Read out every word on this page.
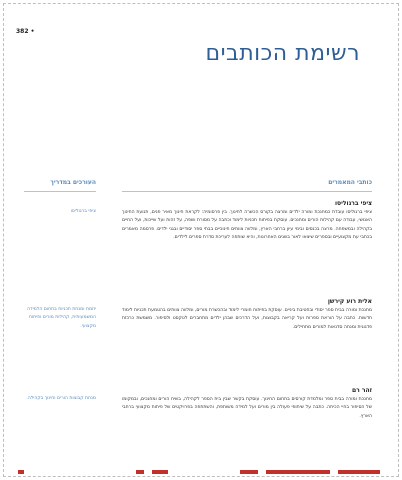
382 •
רשימת הכותבים
כותבי המאמרים
העורכים במדריך
ציפי ברגוליסו

ציפי ברגוליסו עובדת כמחנכת ומורה ילדים ומרצה בקורס הכשרה לחינוך. בין פרסומיה: לקראת חינוך מאיר פנים, תנועת החינוך האנושי, עבודה עם קהילות הורים ומחנכים. עוסקת בפיתוח תכניות לימוד וכתבה על מסורת ושפה, על זהות ועל שייכות, ועל החיים בקהילה ובמשפחה. מרצה בכנסים ובימי עיון ברחבי הארץ, ומלווה צוותים חינוכיים בבתי ספר יסודיים ובגני ילדים. פרסמה מאמרים בכתבי עת מקצועיים ובספרים שיצאו לאור בשנים האחרונות, והיא שותפה לעריכת סדרת ספרים לילדים.

ציפי ברגוליסו

אלית רוע קירשן

מחנכת ומורה בבית ספר יסודי ובחטיבת ביניים. עוסקת בפיתוח חומרי לימוד ובהכשרת מורים, ומלווה צוותים בהטמעת תכניות לימוד חדשות. כתבה על הוראת ספרות ועל קריאה בקבוצות, ועל הדרכים שבהן ילדים מתחברים לטקסט ולסיפור. משמשת כרכזת פדגוגית ומנחה סדנאות למורים מתחילים.

יוזמת ומנחת תכניות בתחום הלמידה המשמעותית, קהילות מורים ופיתוח מקצועי.

זהר רם

מחנכת ומורה בבית ספר ומלמדת קורסים בתחום החינוך. עוסקת בקשר שבין בית הספר לקהילה, בשיח הורים ומחנכים, ובמקומו של הסיפור בחיי הכיתה. כתבה על שיתופי פעולה בין מורים ועל למידה משותפת, והשתתפה בפרויקטים של פיתוח מקצועי ברחבי הארץ.

מנחת קבוצות הורים וחינוך בקהילה.
